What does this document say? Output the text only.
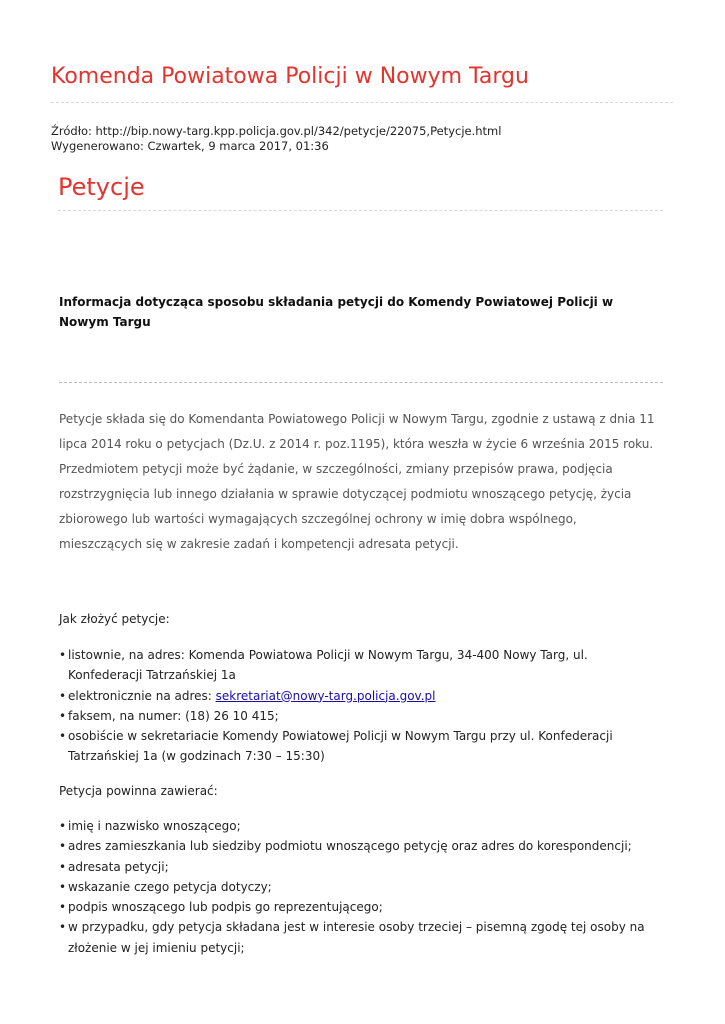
Komenda Powiatowa Policji w Nowym Targu
Źródło: http://bip.nowy-targ.kpp.policja.gov.pl/342/petycje/22075,Petycje.html
Wygenerowano: Czwartek, 9 marca 2017, 01:36
Petycje
Informacja dotycząca sposobu składania petycji do Komendy Powiatowej Policji w Nowym Targu

Petycje składa się do Komendanta Powiatowego Policji w Nowym Targu, zgodnie z ustawą z dnia 11 lipca 2014 roku o petycjach (Dz.U. z 2014 r. poz.1195), która weszła w życie 6 września 2015 roku. Przedmiotem petycji może być żądanie, w szczególności, zmiany przepisów prawa, podjęcia rozstrzygnięcia lub innego działania w sprawie dotyczącej podmiotu wnoszącego petycję, życia zbiorowego lub wartości wymagających szczególnej ochrony w imię dobra wspólnego, mieszczących się w zakresie zadań i kompetencji adresata petycji.

Jak złożyć petycje:

• listownie, na adres: Komenda Powiatowa Policji w Nowym Targu, 34-400 Nowy Targ, ul. Konfederacji Tatrzańskiej 1a
• elektronicznie na adres: sekretariat@nowy-targ.policja.gov.pl
• faksem, na numer: (18) 26 10 415;
• osobiście w sekretariacie Komendy Powiatowej Policji w Nowym Targu przy ul. Konfederacji Tatrzańskiej 1a (w godzinach 7:30 – 15:30)

Petycja powinna zawierać:

• imię i nazwisko wnoszącego;
• adres zamieszkania lub siedziby podmiotu wnoszącego petycję oraz adres do korespondencji;
• adresata petycji;
• wskazanie czego petycja dotyczy;
• podpis wnoszącego lub podpis go reprezentującego;
• w przypadku, gdy petycja składana jest w interesie osoby trzeciej – pisemną zgodę tej osoby na złożenie w jej imieniu petycji;
